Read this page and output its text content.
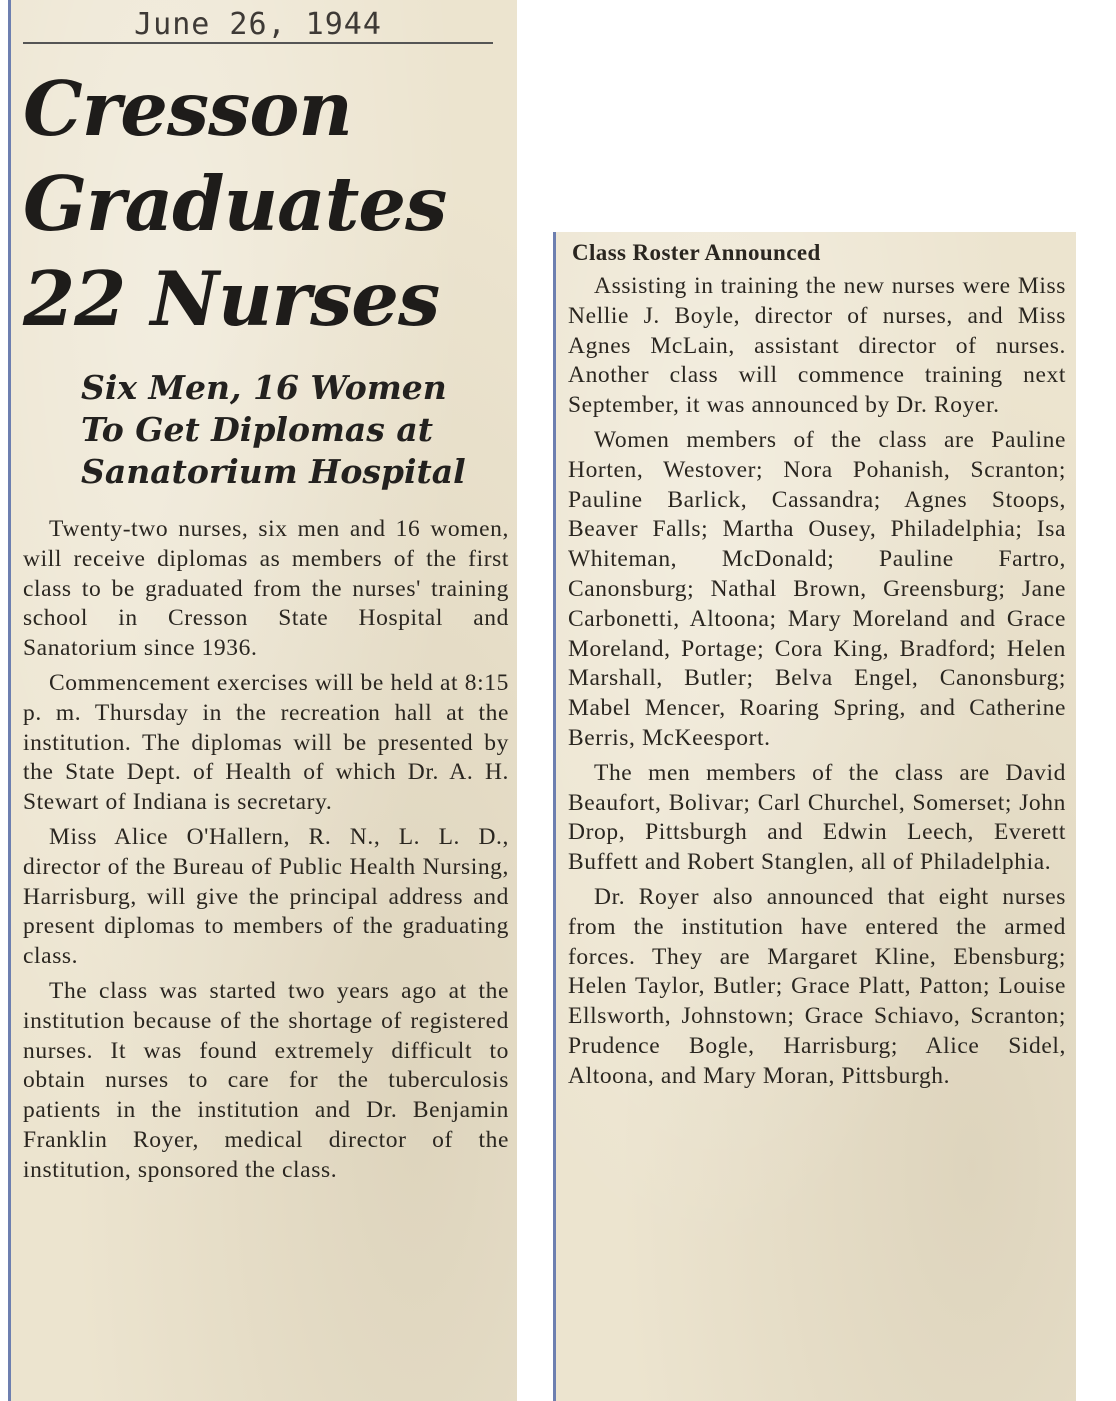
June 26, 1944
Cresson
Graduates
22 Nurses
Six Men, 16 Women
To Get Diplomas at
Sanatorium Hospital

Twenty-two nurses, six men and 16 women, will receive diplomas as members of the first class to be graduated from the nurses' training school in Cresson State Hospital and Sanatorium since 1936.

Commencement exercises will be held at 8:15 p. m. Thursday in the recreation hall at the institution. The diplomas will be presented by the State Dept. of Health of which Dr. A. H. Stewart of Indiana is secretary.

Miss Alice O'Hallern, R. N., L. L. D., director of the Bureau of Public Health Nursing, Harrisburg, will give the principal address and present diplomas to members of the graduating class.

The class was started two years ago at the institution because of the shortage of registered nurses. It was found extremely difficult to obtain nurses to care for the tuberculosis patients in the institution and Dr. Benjamin Franklin Royer, medical director of the institution, sponsored the class.

Class Roster Announced

Assisting in training the new nurses were Miss Nellie J. Boyle, director of nurses, and Miss Agnes McLain, assistant director of nurses. Another class will commence training next September, it was announced by Dr. Royer.

Women members of the class are Pauline Horten, Westover; Nora Pohanish, Scranton; Pauline Barlick, Cassandra; Agnes Stoops, Beaver Falls; Martha Ousey, Philadelphia; Isa Whiteman, McDonald; Pauline Fartro, Canonsburg; Nathal Brown, Greensburg; Jane Carbonetti, Altoona; Mary Moreland and Grace Moreland, Portage; Cora King, Bradford; Helen Marshall, Butler; Belva Engel, Canonsburg; Mabel Mencer, Roaring Spring, and Catherine Berris, McKeesport.

The men members of the class are David Beaufort, Bolivar; Carl Churchel, Somerset; John Drop, Pittsburgh and Edwin Leech, Everett Buffett and Robert Stanglen, all of Philadelphia.

Dr. Royer also announced that eight nurses from the institution have entered the armed forces. They are Margaret Kline, Ebensburg; Helen Taylor, Butler; Grace Platt, Patton; Louise Ellsworth, Johnstown; Grace Schiavo, Scranton; Prudence Bogle, Harrisburg; Alice Sidel, Altoona, and Mary Moran, Pittsburgh.
